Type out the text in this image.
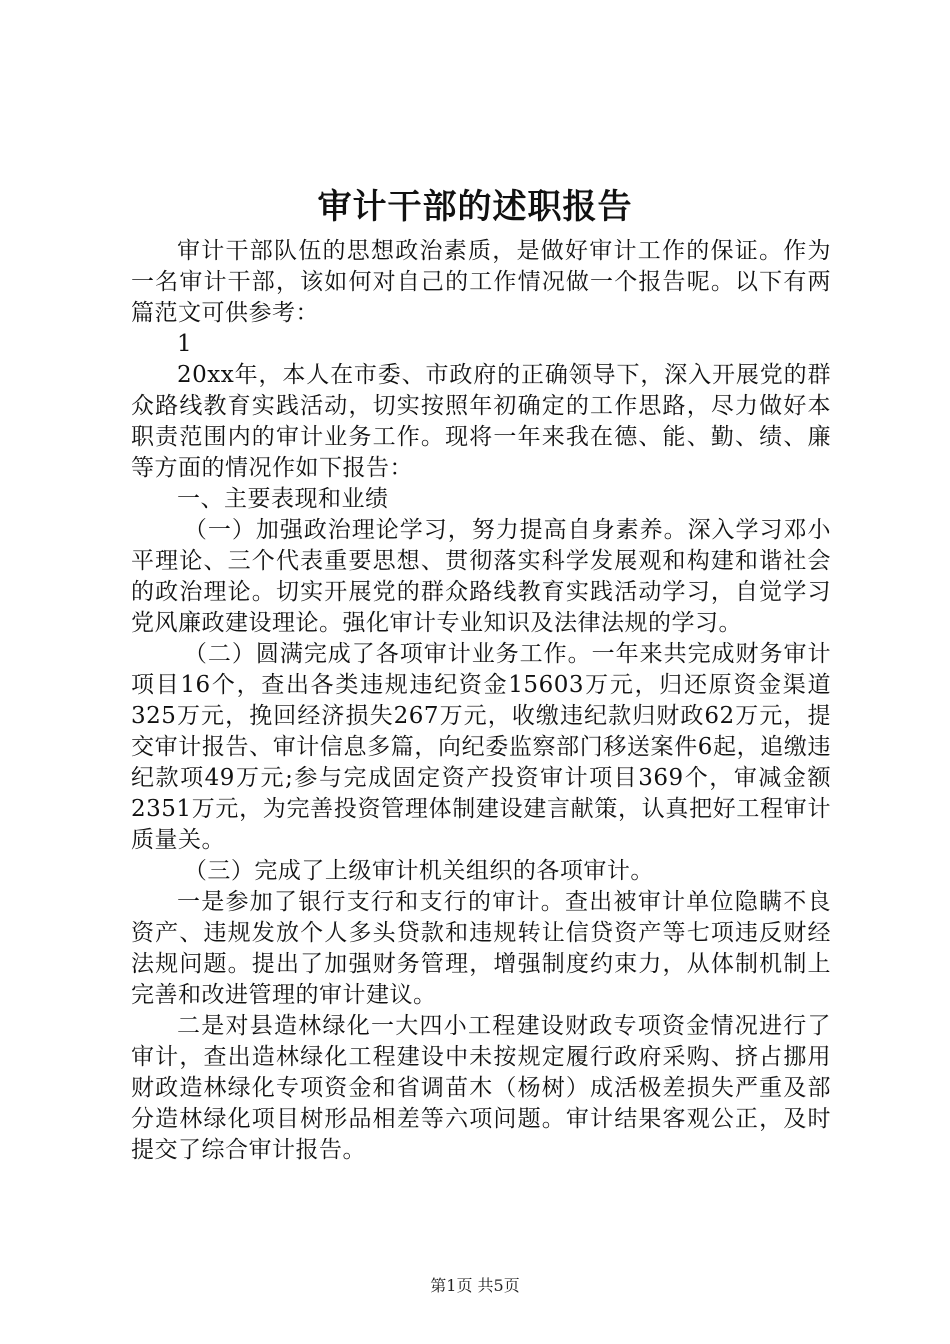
审计干部的述职报告

审计干部队伍的思想政治素质，是做好审计工作的保证。作为一名审计干部，该如何对自己的工作情况做一个报告呢。以下有两篇范文可供参考：

1

20xx年，本人在市委、市政府的正确领导下，深入开展党的群众路线教育实践活动，切实按照年初确定的工作思路，尽力做好本职责范围内的审计业务工作。现将一年来我在德、能、勤、绩、廉等方面的情况作如下报告：

一、主要表现和业绩

（一）加强政治理论学习，努力提高自身素养。深入学习邓小平理论、三个代表重要思想、贯彻落实科学发展观和构建和谐社会的政治理论。切实开展党的群众路线教育实践活动学习，自觉学习党风廉政建设理论。强化审计专业知识及法律法规的学习。

（二）圆满完成了各项审计业务工作。一年来共完成财务审计项目16个，查出各类违规违纪资金15603万元，归还原资金渠道325万元，挽回经济损失267万元，收缴违纪款归财政62万元，提交审计报告、审计信息多篇，向纪委监察部门移送案件6起，追缴违纪款项49万元;参与完成固定资产投资审计项目369个，审减金额2351万元，为完善投资管理体制建设建言献策，认真把好工程审计质量关。

（三）完成了上级审计机关组织的各项审计。

一是参加了银行支行和支行的审计。查出被审计单位隐瞒不良资产、违规发放个人多头贷款和违规转让信贷资产等七项违反财经法规问题。提出了加强财务管理，增强制度约束力，从体制机制上完善和改进管理的审计建议。

二是对县造林绿化一大四小工程建设财政专项资金情况进行了审计，查出造林绿化工程建设中未按规定履行政府采购、挤占挪用财政造林绿化专项资金和省调苗木（杨树）成活极差损失严重及部分造林绿化项目树形品相差等六项问题。审计结果客观公正，及时提交了综合审计报告。

第1页 共5页
